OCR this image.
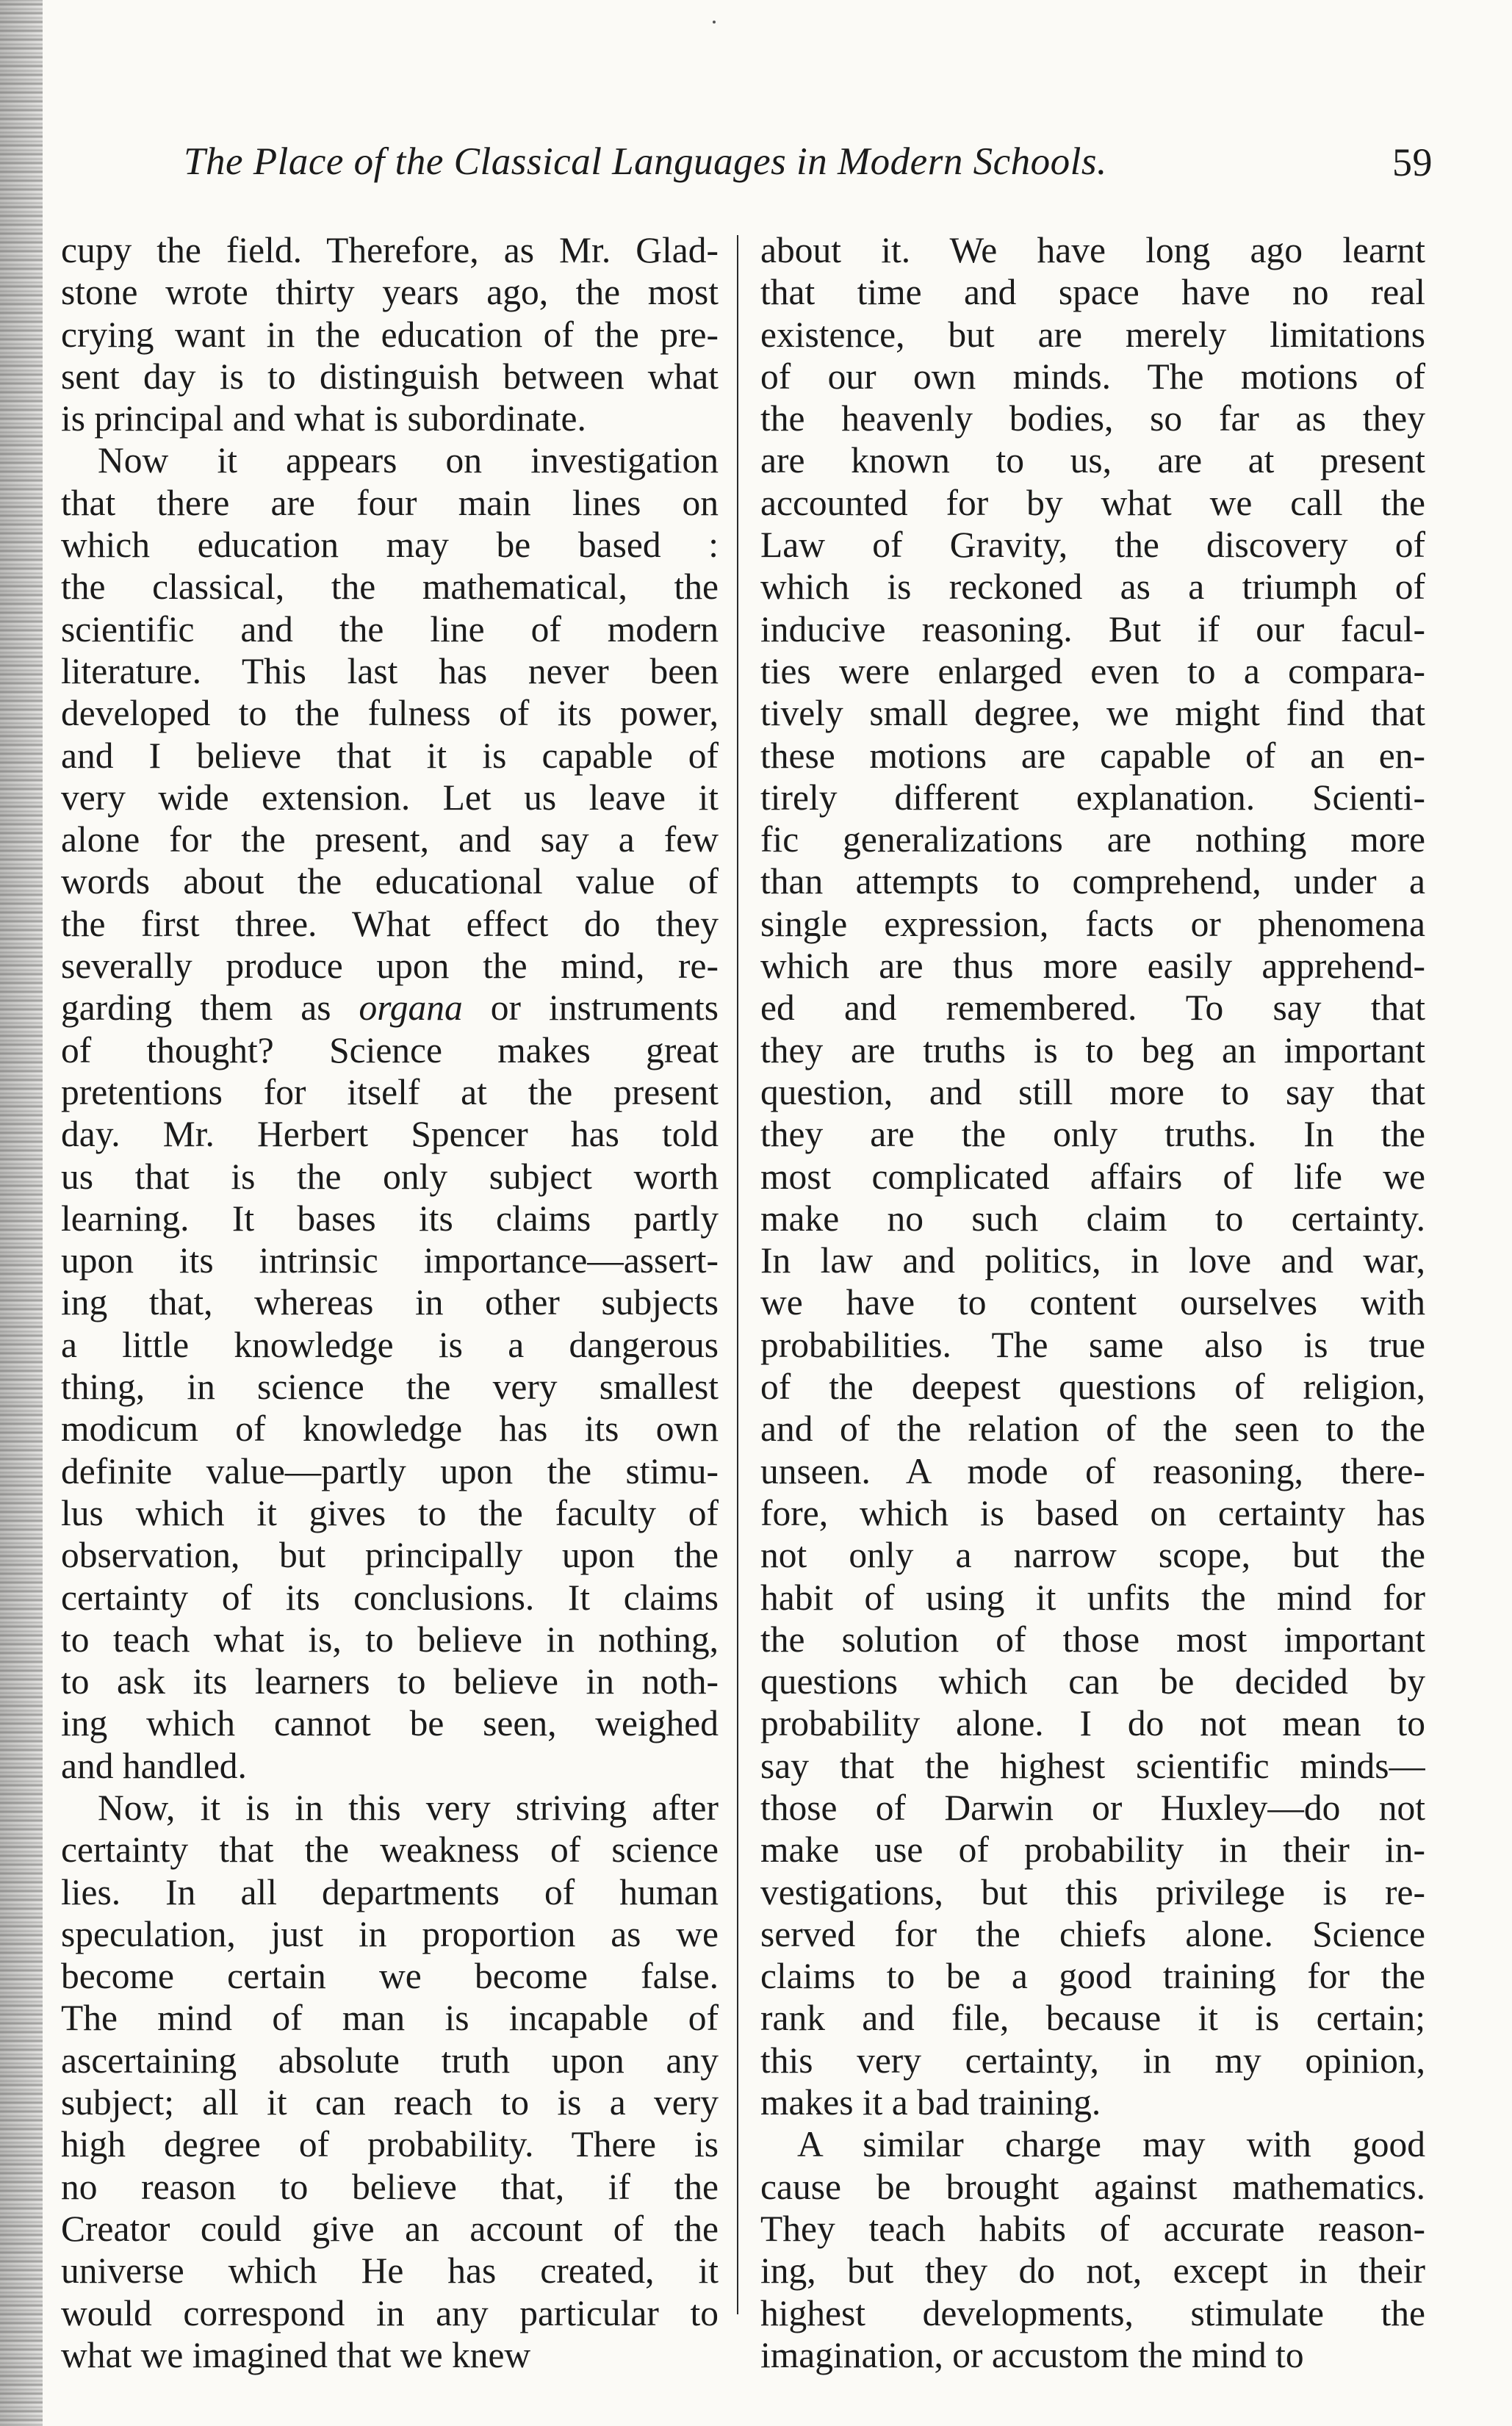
The Place of the Classical Languages in Modern Schools.	59
cupy the field. Therefore, as Mr. Glad-
stone wrote thirty years ago, the most
crying want in the education of the pre-
sent day is to distinguish between what
is principal and what is subordinate.
Now it appears on investigation
that there are four main lines on
which education may be based :
the classical, the mathematical, the
scientific and the line of modern
literature. This last has never been
developed to the fulness of its power,
and I believe that it is capable of
very wide extension. Let us leave it
alone for the present, and say a few
words about the educational value of
the first three. What effect do they
severally produce upon the mind, re-
garding them as organa or instruments
of thought? Science makes great
pretentions for itself at the present
day. Mr. Herbert Spencer has told
us that is the only subject worth
learning. It bases its claims partly
upon its intrinsic importance—assert-
ing that, whereas in other subjects
a little knowledge is a dangerous
thing, in science the very smallest
modicum of knowledge has its own
definite value—partly upon the stimu-
lus which it gives to the faculty of
observation, but principally upon the
certainty of its conclusions. It claims
to teach what is, to believe in nothing,
to ask its learners to believe in noth-
ing which cannot be seen, weighed
and handled.
Now, it is in this very striving after
certainty that the weakness of science
lies. In all departments of human
speculation, just in proportion as we
become certain we become false.
The mind of man is incapable of
ascertaining absolute truth upon any
subject; all it can reach to is a very
high degree of probability. There is
no reason to believe that, if the
Creator could give an account of the
universe which He has created, it
would correspond in any particular to
what we imagined that we knew
about it. We have long ago learnt
that time and space have no real
existence, but are merely limitations
of our own minds. The motions of
the heavenly bodies, so far as they
are known to us, are at present
accounted for by what we call the
Law of Gravity, the discovery of
which is reckoned as a triumph of
inducive reasoning. But if our facul-
ties were enlarged even to a compara-
tively small degree, we might find that
these motions are capable of an en-
tirely different explanation. Scienti-
fic generalizations are nothing more
than attempts to comprehend, under a
single expression, facts or phenomena
which are thus more easily apprehend-
ed and remembered. To say that
they are truths is to beg an important
question, and still more to say that
they are the only truths. In the
most complicated affairs of life we
make no such claim to certainty.
In law and politics, in love and war,
we have to content ourselves with
probabilities. The same also is true
of the deepest questions of religion,
and of the relation of the seen to the
unseen. A mode of reasoning, there-
fore, which is based on certainty has
not only a narrow scope, but the
habit of using it unfits the mind for
the solution of those most important
questions which can be decided by
probability alone. I do not mean to
say that the highest scientific minds—
those of Darwin or Huxley—do not
make use of probability in their in-
vestigations, but this privilege is re-
served for the chiefs alone. Science
claims to be a good training for the
rank and file, because it is certain;
this very certainty, in my opinion,
makes it a bad training.
A similar charge may with good
cause be brought against mathematics.
They teach habits of accurate reason-
ing, but they do not, except in their
highest developments, stimulate the
imagination, or accustom the mind to
